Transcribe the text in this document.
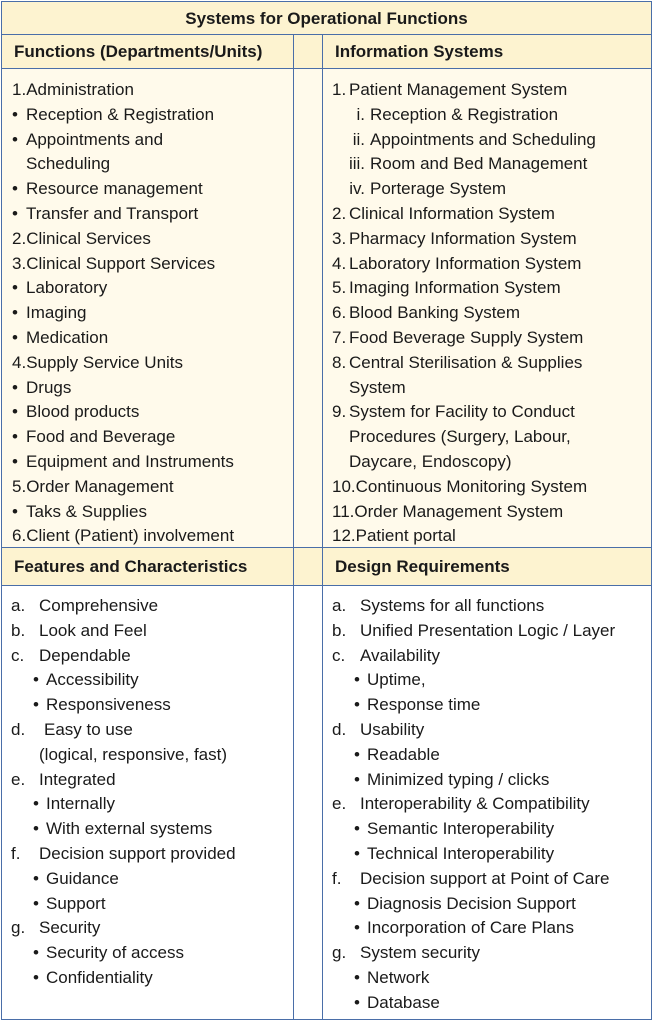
Systems for Operational Functions
Functions (Departments/Units)	Information Systems
1.Administration
• Reception & Registration
• Appointments and
Scheduling
• Resource management
• Transfer and Transport
2.Clinical Services
3.Clinical Support Services
• Laboratory
• Imaging
• Medication
4.Supply Service Units
• Drugs
• Blood products
• Food and Beverage
• Equipment and Instruments
5.Order Management
• Taks & Supplies
6.Client (Patient) involvement
1. Patient Management System
i. Reception & Registration
ii. Appointments and Scheduling
iii. Room and Bed Management
iv. Porterage System
2. Clinical Information System
3. Pharmacy Information System
4. Laboratory Information System
5. Imaging Information System
6. Blood Banking System
7. Food Beverage Supply System
8. Central Sterilisation & Supplies
System
9. System for Facility to Conduct
Procedures (Surgery, Labour,
Daycare, Endoscopy)
10.Continuous Monitoring System
11.Order Management System
12.Patient portal
Features and Characteristics	Design Requirements
a. Comprehensive
b. Look and Feel
c. Dependable
• Accessibility
• Responsiveness
d. Easy to use
(logical, responsive, fast)
e. Integrated
• Internally
• With external systems
f. Decision support provided
• Guidance
• Support
g. Security
• Security of access
• Confidentiality
a. Systems for all functions
b. Unified Presentation Logic / Layer
c. Availability
• Uptime,
• Response time
d. Usability
• Readable
• Minimized typing / clicks
e. Interoperability & Compatibility
• Semantic Interoperability
• Technical Interoperability
f. Decision support at Point of Care
• Diagnosis Decision Support
• Incorporation of Care Plans
g. System security
• Network
• Database
